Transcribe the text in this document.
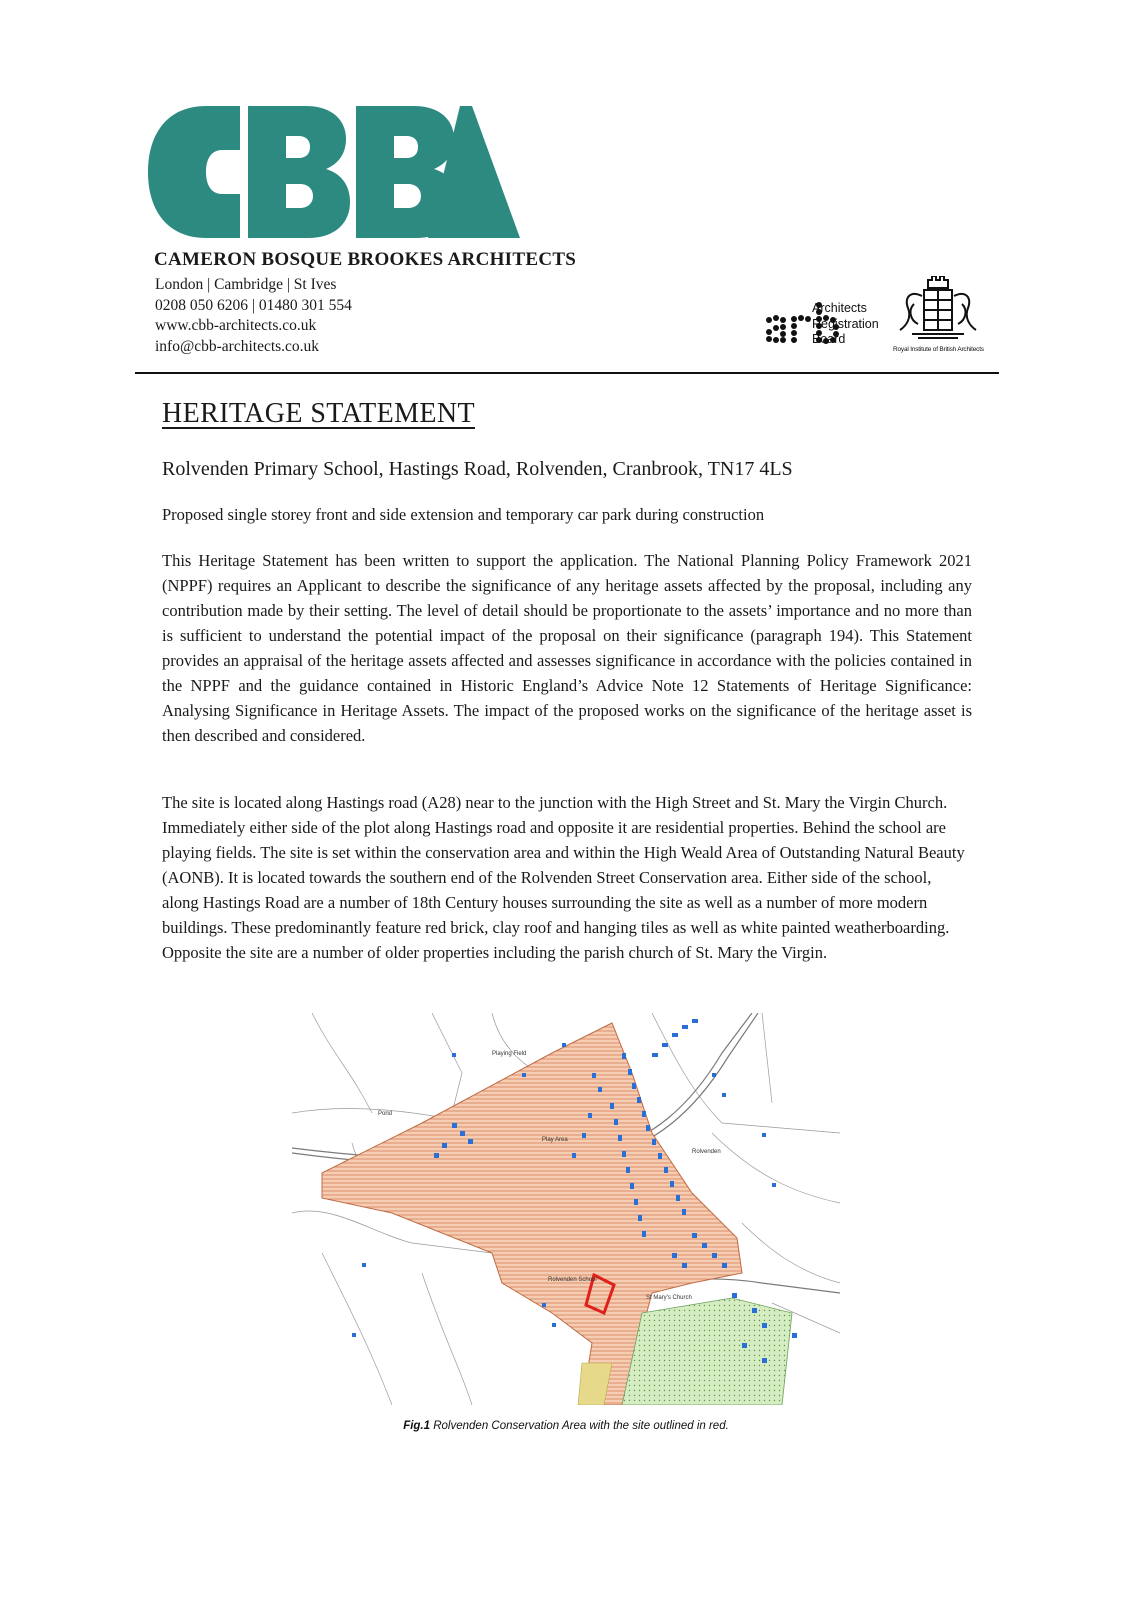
CAMERON BOSQUE BROOKES ARCHITECTS
London | Cambridge | St Ives
0208 050 6206 | 01480 301 554
www.cbb-architects.co.uk
info@cbb-architects.co.uk
Architects
Registration
Board
Royal Institute of British Architects
HERITAGE STATEMENT
Rolvenden Primary School, Hastings Road, Rolvenden, Cranbrook, TN17 4LS
Proposed single storey front and side extension and temporary car park during construction

This Heritage Statement has been written to support the application. The National Planning Policy Framework 2021 (NPPF) requires an Applicant to describe the significance of any heritage assets affected by the proposal, including any contribution made by their setting. The level of detail should be proportionate to the assets’ importance and no more than is sufficient to understand the potential impact of the proposal on their significance (paragraph 194). This Statement provides an appraisal of the heritage assets affected and assesses significance in accordance with the policies contained in the NPPF and the guidance contained in Historic England’s Advice Note 12 Statements of Heritage Significance: Analysing Significance in Heritage Assets. The impact of the proposed works on the significance of the heritage asset is then described and considered.

The site is located along Hastings road (A28) near to the junction with the High Street and St. Mary the Virgin Church. Immediately either side of the plot along Hastings road and opposite it are residential properties. Behind the school are playing fields. The site is set within the conservation area and within the High Weald Area of Outstanding Natural Beauty (AONB). It is located towards the southern end of the Rolvenden Street Conservation area. Either side of the school, along Hastings Road are a number of 18th Century houses surrounding the site as well as a number of more modern buildings. These predominantly feature red brick, clay roof and hanging tiles as well as white painted weatherboarding. Opposite the site are a number of older properties including the parish church of St. Mary the Virgin.

Playing Field
Rolvenden
Play Area
Rolvenden School
St Mary's Church
Pond
Fig.1 Rolvenden Conservation Area with the site outlined in red.
